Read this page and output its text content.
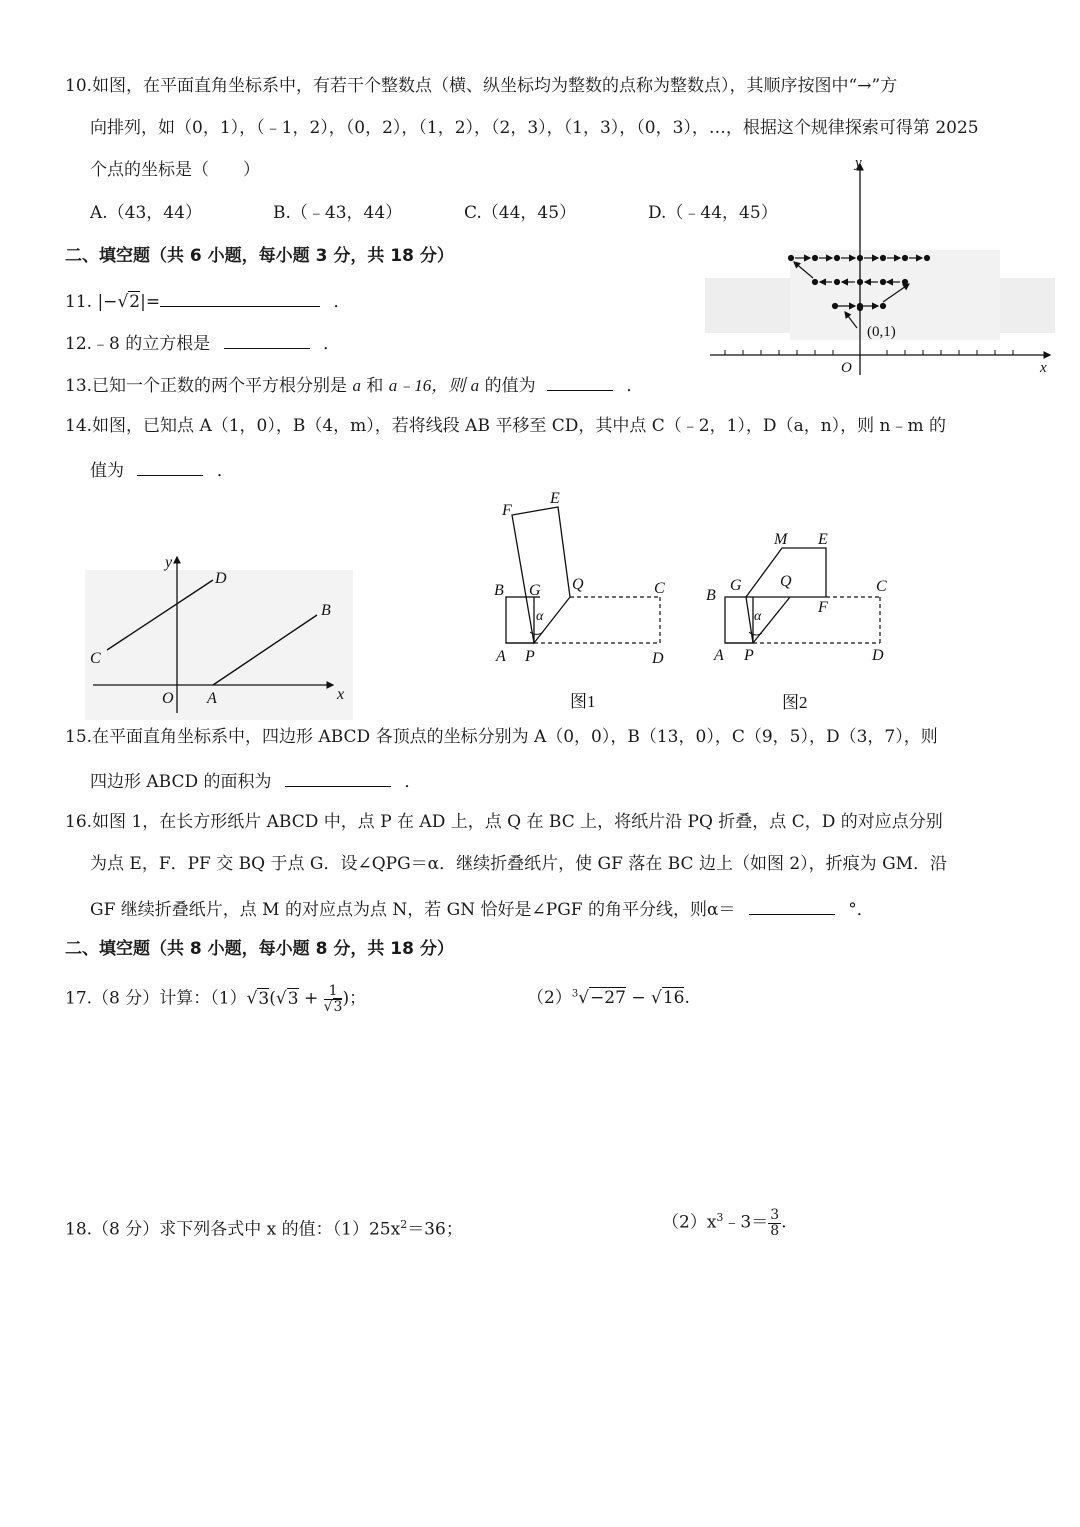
10.如图，在平面直角坐标系中，有若干个整数点（横、纵坐标均为整数的点称为整数点），其顺序按图中“→”方
向排列，如（0，1），（﹣1，2），（0，2），（1，2），（2，3），（1，3），（0，3），…，根据这个规律探索可得第 2025
个点的坐标是（　　）
A.（43，44）	B.（﹣43，44）	C.（44，45）	D.（﹣44，45）
y
x
O
(0,1)
二、填空题（共 6 小题，每小题 3 分，共 18 分）
11. |−√2|=	．
12.﹣8 的立方根是	．
13.已知一个正数的两个平方根分别是 a 和 a﹣16，则 a 的值为	．
14.如图，已知点 A（1，0），B（4，m），若将线段 AB 平移至 CD，其中点 C（﹣2，1），D（a，n），则 n﹣m 的
值为	．
y
D
C
O A
B
x
F
E
B G Q	C
α
A P	D
图1
M E
G Q	C
B
F
α
A P	D
图2
15.在平面直角坐标系中，四边形 ABCD 各顶点的坐标分别为 A（0，0），B（13，0），C（9，5），D（3，7），则
四边形 ABCD 的面积为	．
16.如图 1，在长方形纸片 ABCD 中，点 P 在 AD 上，点 Q 在 BC 上，将纸片沿 PQ 折叠，点 C，D 的对应点分别
为点 E，F．PF 交 BQ 于点 G．设∠QPG＝α．继续折叠纸片，使 GF 落在 BC 边上（如图 2），折痕为 GM．沿
GF 继续折叠纸片，点 M 的对应点为点 N，若 GN 恰好是∠PGF 的角平分线，则α＝	°．
二、填空题（共 8 小题，每小题 8 分，共 18 分）
17.（8 分）计算：$(1)√3(√3 + \frac{1}{√3}$ )；	$(2)^3√-27 - √16$.
18.（8 分）求下列各式中 x 的值：$(1)25x^2=36$；	$(2)x^3﹣3= \frac{3}{8}$ .
